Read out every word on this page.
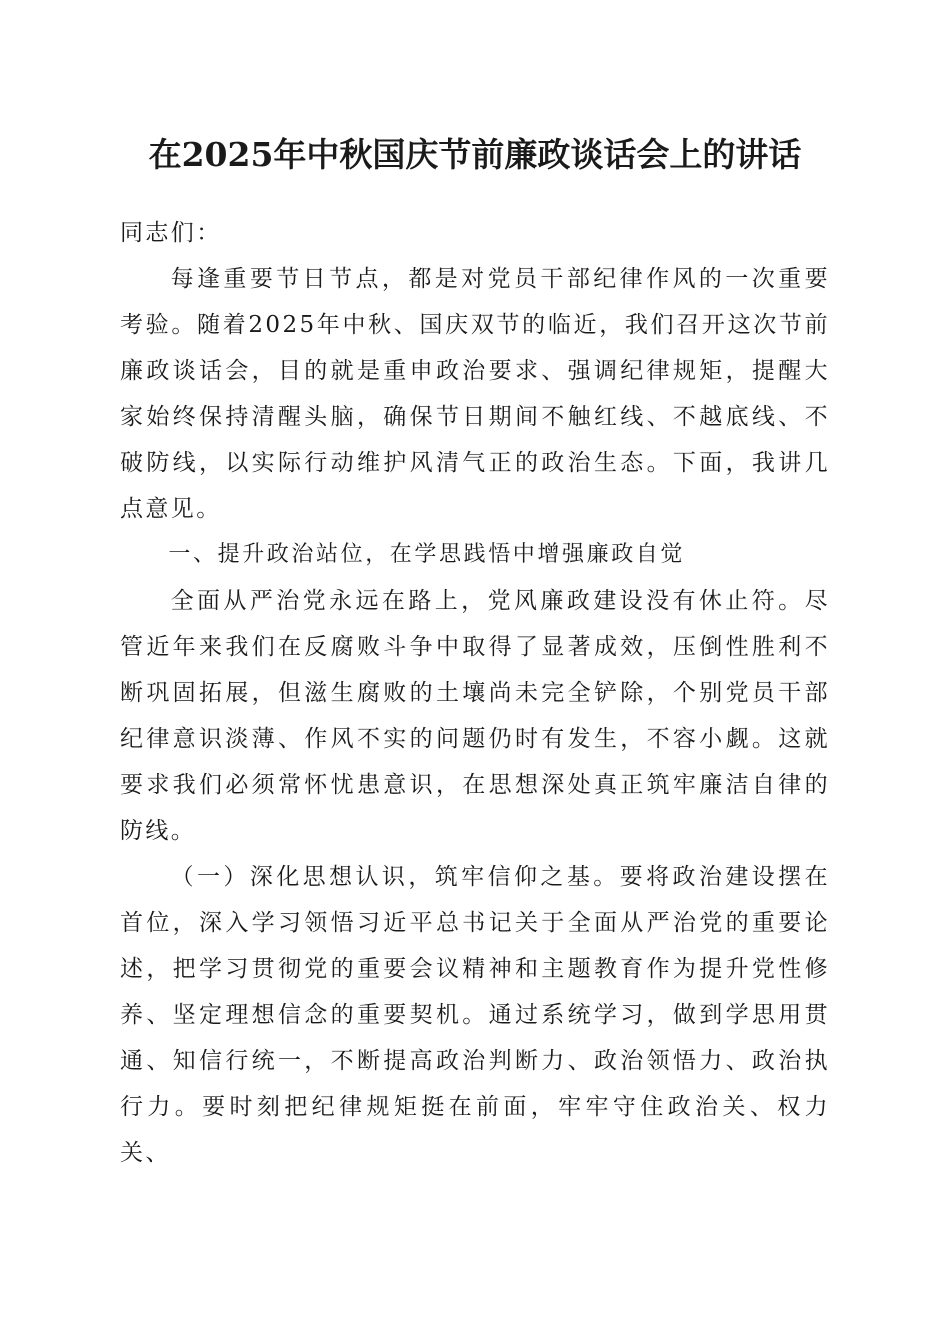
在2025年中秋国庆节前廉政谈话会上的讲话

同志们：

每逢重要节日节点，都是对党员干部纪律作风的一次重要考验。随着2025年中秋、国庆双节的临近，我们召开这次节前廉政谈话会，目的就是重申政治要求、强调纪律规矩，提醒大家始终保持清醒头脑，确保节日期间不触红线、不越底线、不破防线，以实际行动维护风清气正的政治生态。下面，我讲几点意见。

一、提升政治站位，在学思践悟中增强廉政自觉

全面从严治党永远在路上，党风廉政建设没有休止符。尽管近年来我们在反腐败斗争中取得了显著成效，压倒性胜利不断巩固拓展，但滋生腐败的土壤尚未完全铲除，个别党员干部纪律意识淡薄、作风不实的问题仍时有发生，不容小觑。这就要求我们必须常怀忧患意识，在思想深处真正筑牢廉洁自律的防线。

（一）深化思想认识，筑牢信仰之基。要将政治建设摆在首位，深入学习领悟习近平总书记关于全面从严治党的重要论述，把学习贯彻党的重要会议精神和主题教育作为提升党性修养、坚定理想信念的重要契机。通过系统学习，做到学思用贯通、知信行统一，不断提高政治判断力、政治领悟力、政治执行力。要时刻把纪律规矩挺在前面，牢牢守住政治关、权力关、
